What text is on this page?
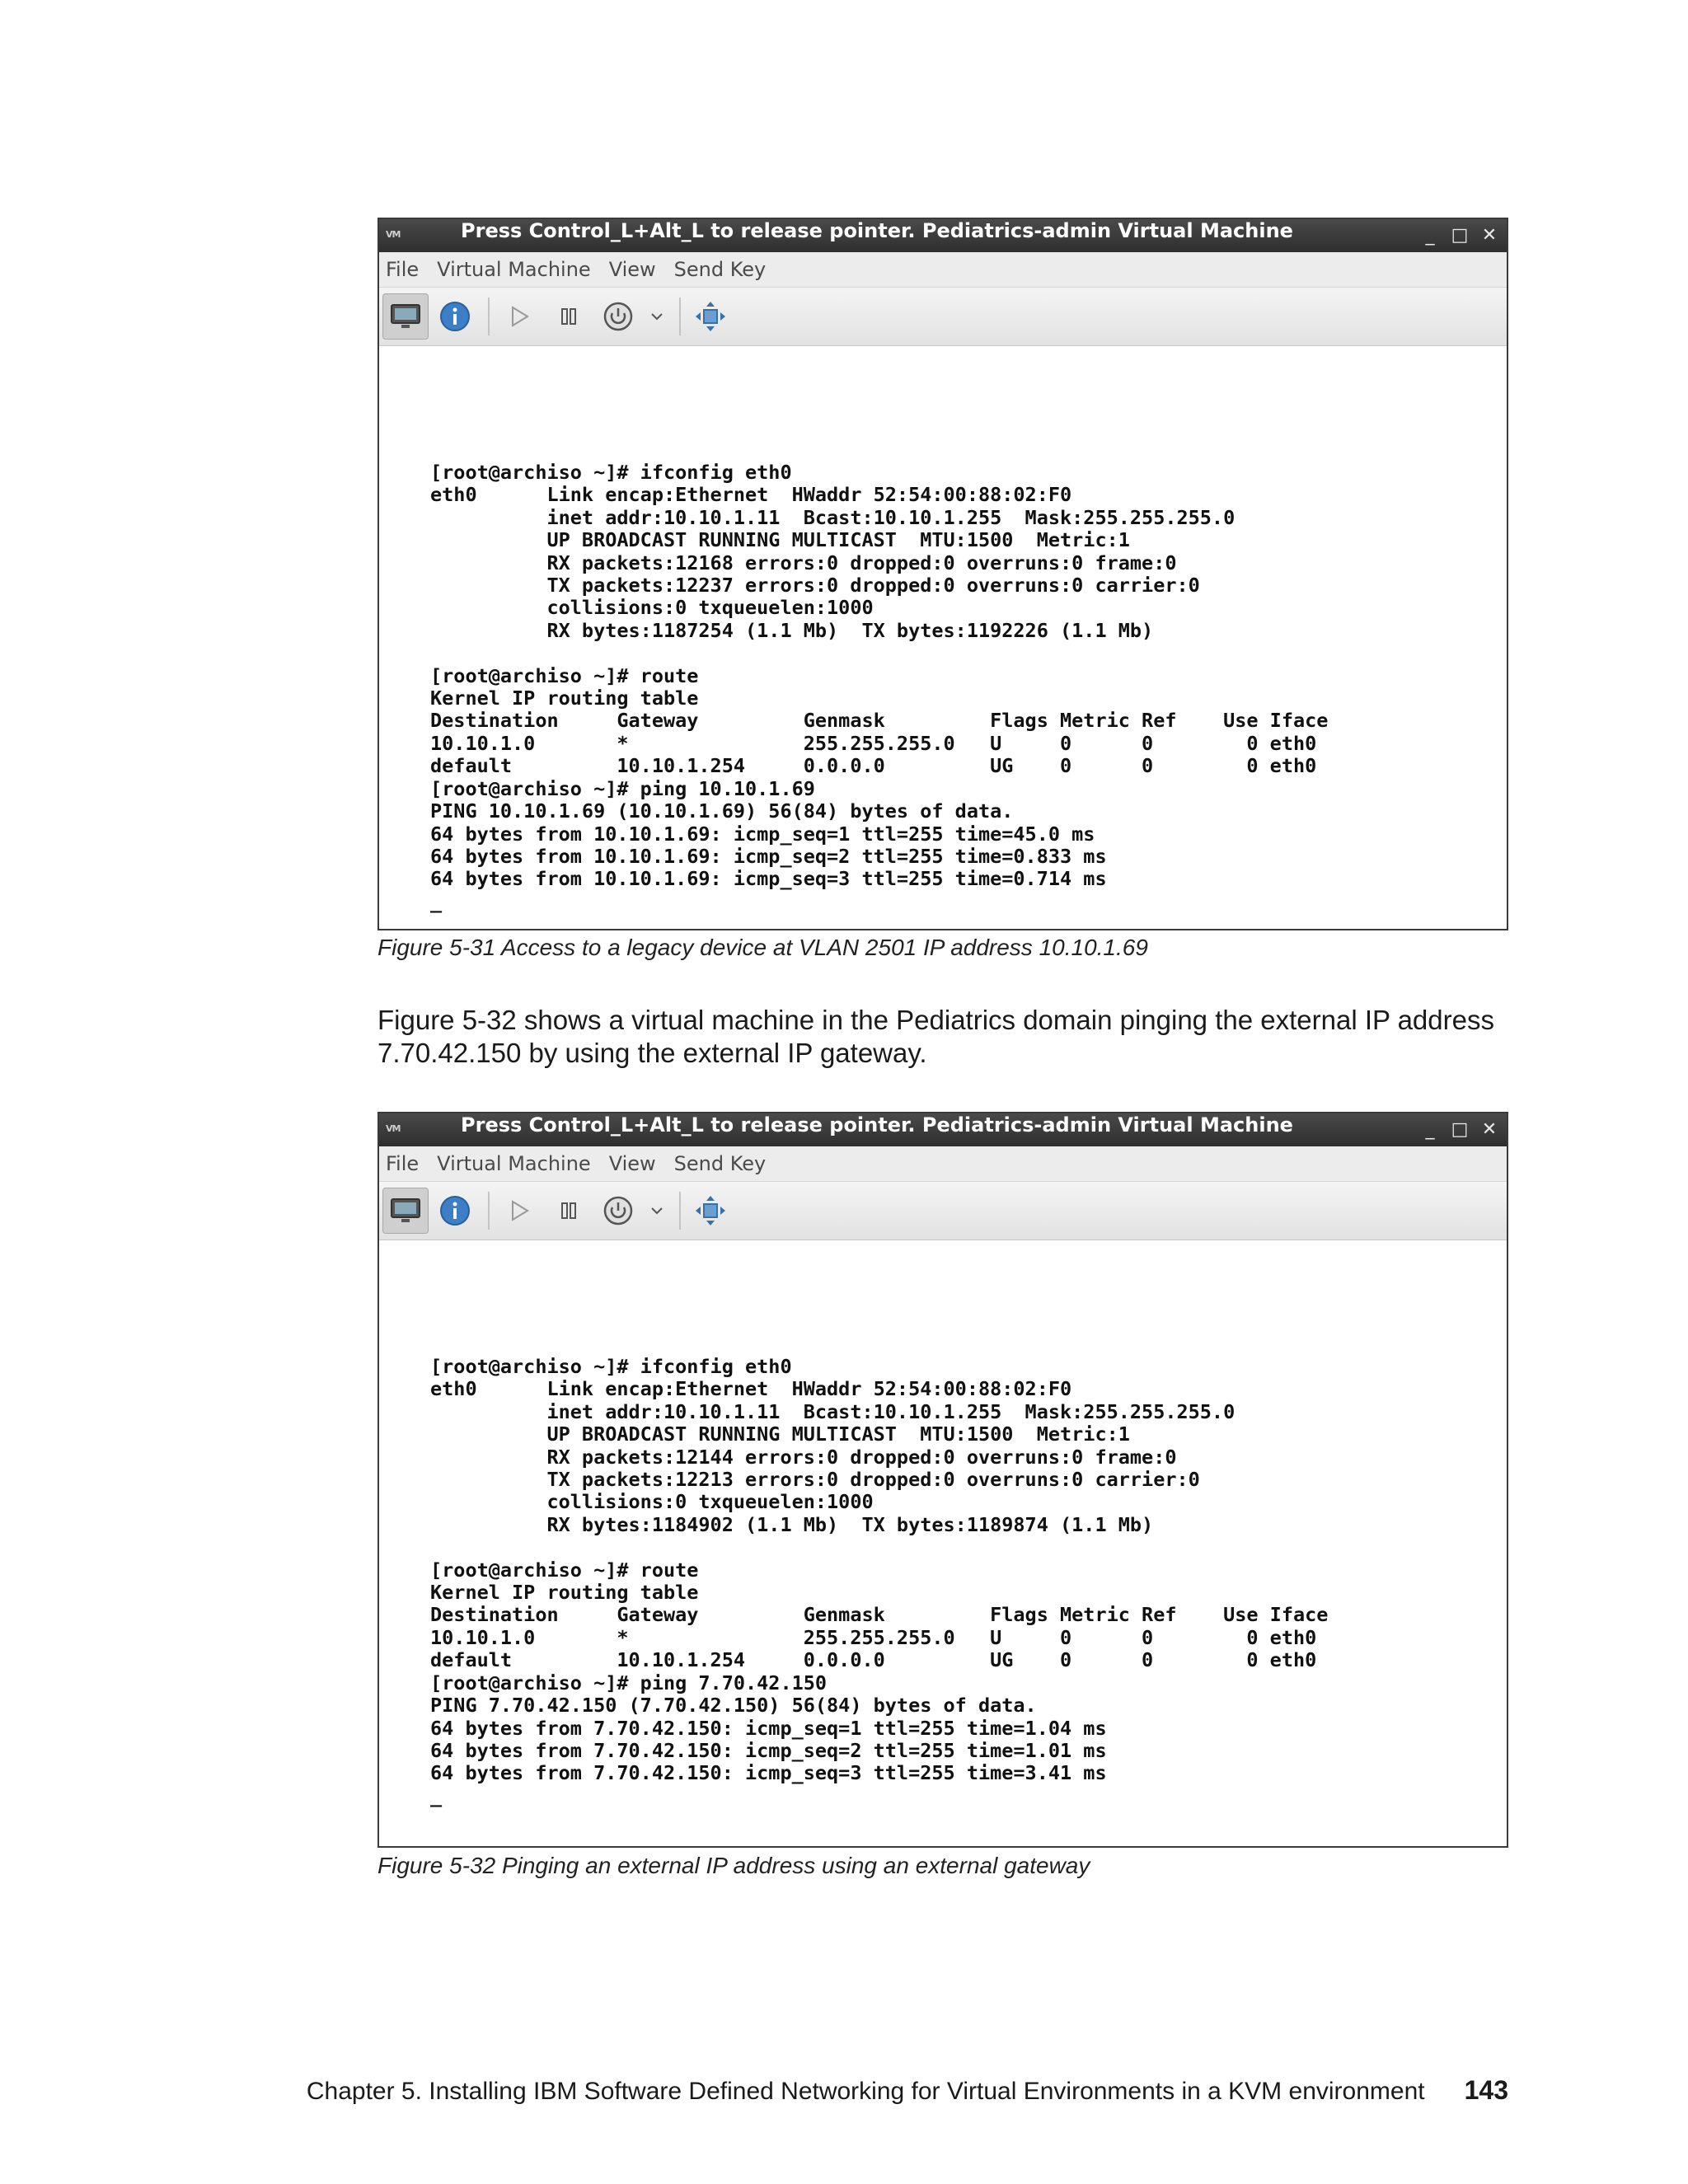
VM	Press Control_L+Alt_L to release pointer. Pediatrics-admin Virtual Machine	_ □ ✕
File Virtual Machine View Send Key
[root@archiso ~]# ifconfig eth0
eth0      Link encap:Ethernet  HWaddr 52:54:00:88:02:F0
inet addr:10.10.1.11  Bcast:10.10.1.255  Mask:255.255.255.0
UP BROADCAST RUNNING MULTICAST  MTU:1500  Metric:1
RX packets:12168 errors:0 dropped:0 overruns:0 frame:0
TX packets:12237 errors:0 dropped:0 overruns:0 carrier:0
collisions:0 txqueuelen:1000
RX bytes:1187254 (1.1 Mb)  TX bytes:1192226 (1.1 Mb)

[root@archiso ~]# route
Kernel IP routing table
Destination     Gateway         Genmask         Flags Metric Ref    Use Iface
10.10.1.0       *               255.255.255.0   U     0      0        0 eth0
default         10.10.1.254     0.0.0.0         UG    0      0        0 eth0
[root@archiso ~]# ping 10.10.1.69
PING 10.10.1.69 (10.10.1.69) 56(84) bytes of data.
64 bytes from 10.10.1.69: icmp_seq=1 ttl=255 time=45.0 ms
64 bytes from 10.10.1.69: icmp_seq=2 ttl=255 time=0.833 ms
64 bytes from 10.10.1.69: icmp_seq=3 ttl=255 time=0.714 ms
_
Figure 5-31 Access to a legacy device at VLAN 2501 IP address 10.10.1.69
Figure 5-32 shows a virtual machine in the Pediatrics domain pinging the external IP address 7.70.42.150 by using the external IP gateway.
VM	Press Control_L+Alt_L to release pointer. Pediatrics-admin Virtual Machine	_ □ ✕
File Virtual Machine View Send Key
[root@archiso ~]# ifconfig eth0
eth0      Link encap:Ethernet  HWaddr 52:54:00:88:02:F0
inet addr:10.10.1.11  Bcast:10.10.1.255  Mask:255.255.255.0
UP BROADCAST RUNNING MULTICAST  MTU:1500  Metric:1
RX packets:12144 errors:0 dropped:0 overruns:0 frame:0
TX packets:12213 errors:0 dropped:0 overruns:0 carrier:0
collisions:0 txqueuelen:1000
RX bytes:1184902 (1.1 Mb)  TX bytes:1189874 (1.1 Mb)

[root@archiso ~]# route
Kernel IP routing table
Destination     Gateway         Genmask         Flags Metric Ref    Use Iface
10.10.1.0       *               255.255.255.0   U     0      0        0 eth0
default         10.10.1.254     0.0.0.0         UG    0      0        0 eth0
[root@archiso ~]# ping 7.70.42.150
PING 7.70.42.150 (7.70.42.150) 56(84) bytes of data.
64 bytes from 7.70.42.150: icmp_seq=1 ttl=255 time=1.04 ms
64 bytes from 7.70.42.150: icmp_seq=2 ttl=255 time=1.01 ms
64 bytes from 7.70.42.150: icmp_seq=3 ttl=255 time=3.41 ms
_
Figure 5-32 Pinging an external IP address using an external gateway
Chapter 5. Installing IBM Software Defined Networking for Virtual Environments in a KVM environment 143
